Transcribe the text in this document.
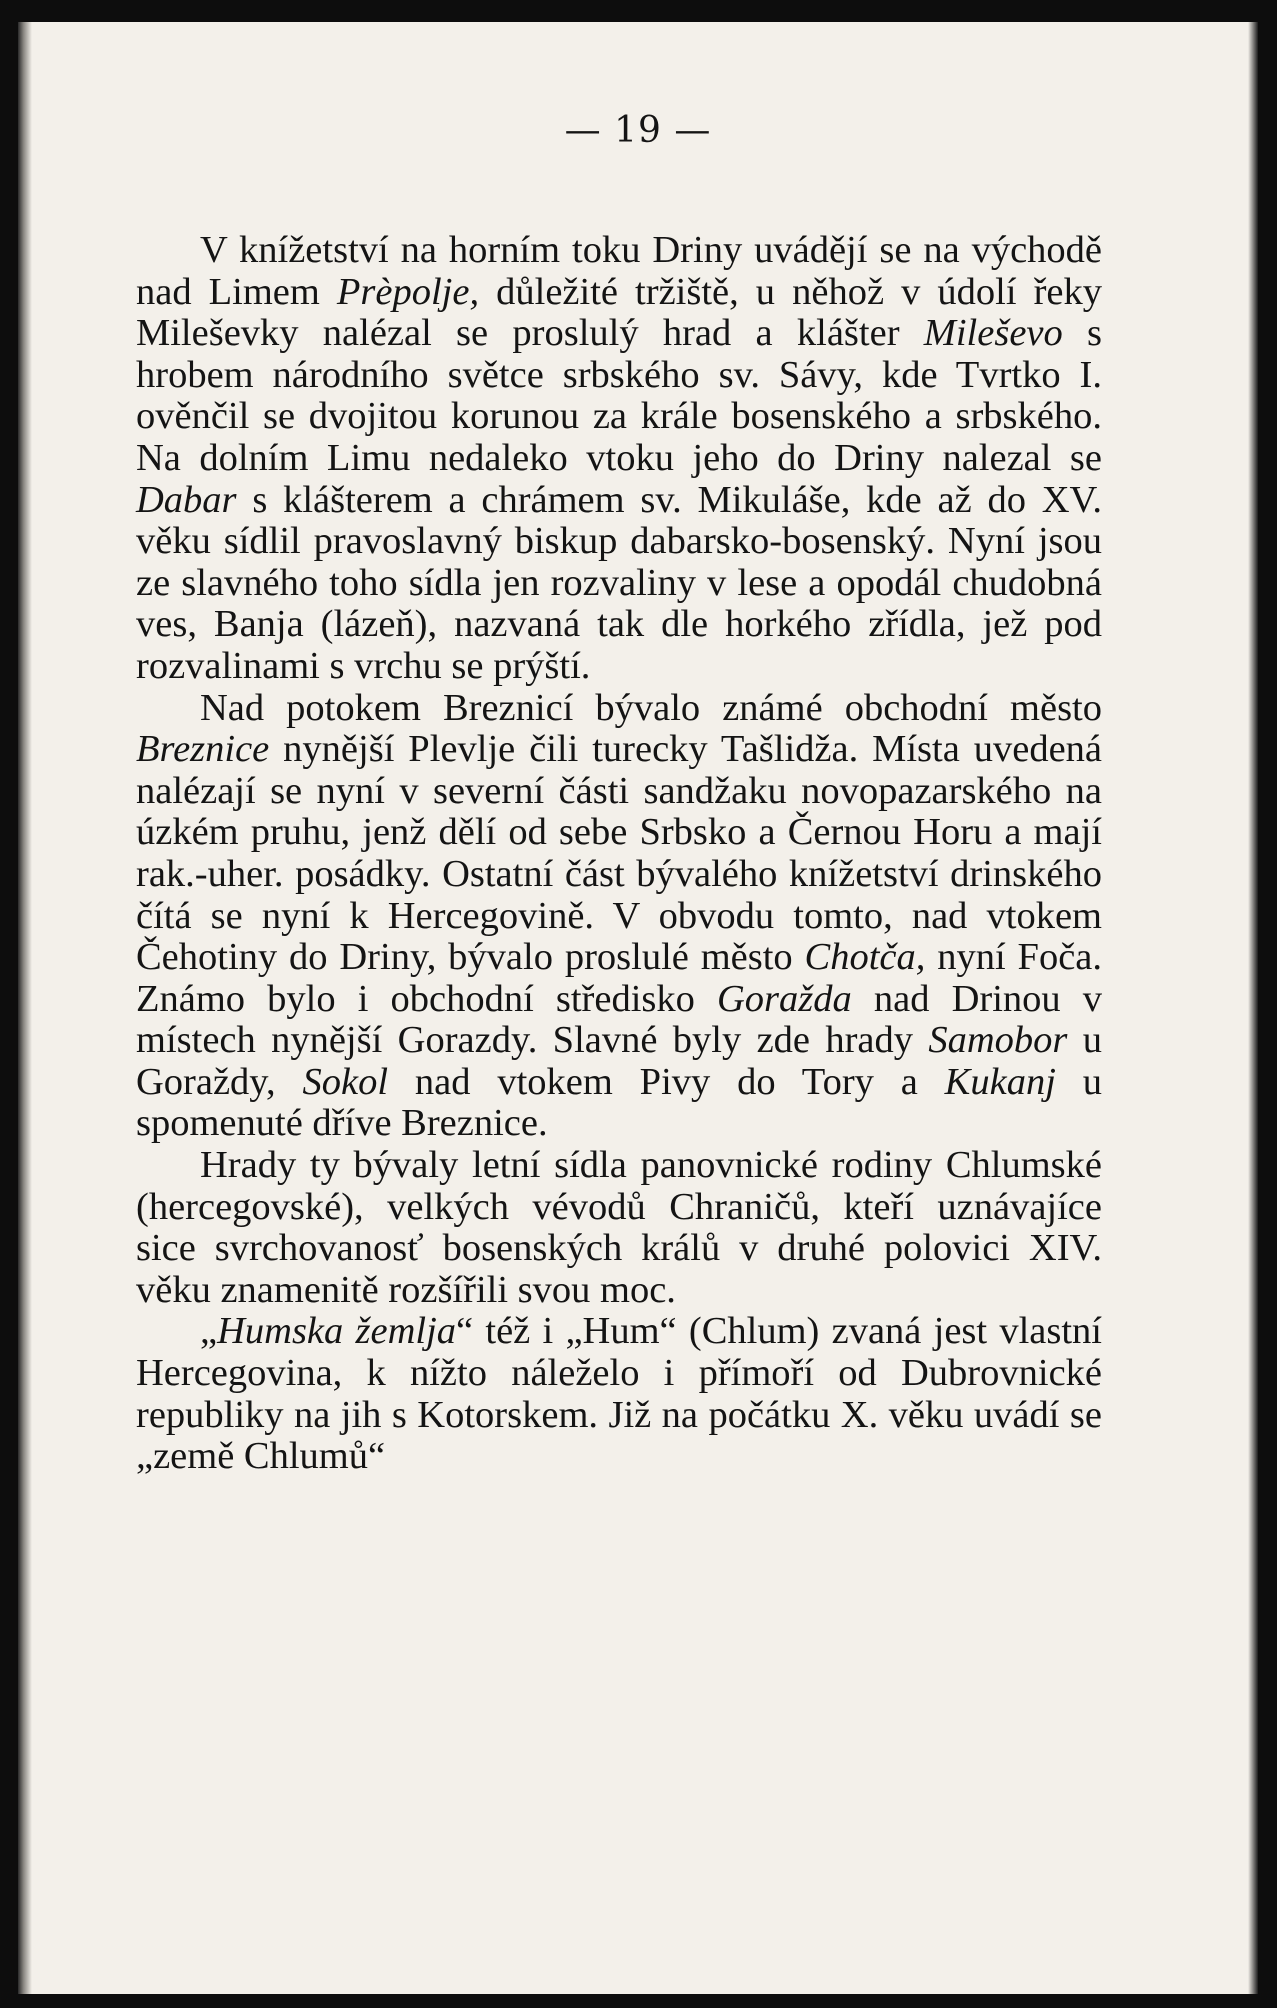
— 19 —

V knížetství na horním toku Driny uvádějí se na východě nad Limem Prèpolje, důležité tržiště, u něhož v údolí řeky Mileševky nalézal se proslulý hrad a klášter Mileševo s hrobem národního světce srbského sv. Sávy, kde Tvrtko I. ověnčil se dvojitou korunou za krále bosenského a srbského. Na dolním Limu nedaleko vtoku jeho do Driny nalezal se Dabar s klášterem a chrámem sv. Mikuláše, kde až do XV. věku sídlil pravoslavný biskup dabarsko-bosenský. Nyní jsou ze slavného toho sídla jen rozvaliny v lese a opodál chudobná ves, Banja (lázeň), nazvaná tak dle horkého zřídla, jež pod rozvalinami s vrchu se prýští.

Nad potokem Breznicí bývalo známé obchodní město Breznice nynější Plevlje čili turecky Tašlidža. Místa uvedená nalézají se nyní v severní části sandžaku novopazarského na úzkém pruhu, jenž dělí od sebe Srbsko a Černou Horu a mají rak.-uher. posádky. Ostatní část bývalého knížetství drinského čítá se nyní k Hercegovině. V obvodu tomto, nad vtokem Čehotiny do Driny, bývalo proslulé město Chotča, nyní Foča. Známo bylo i obchodní středisko Goražda nad Drinou v místech nynější Gorazdy. Slavné byly zde hrady Samobor u Goraždy, Sokol nad vtokem Pivy do Tory a Kukanj u spomenuté dříve Breznice.

Hrady ty bývaly letní sídla panovnické rodiny Chlumské (hercegovské), velkých vévodů Chraničů, kteří uznávajíce sice svrchovanosť bosenských králů v druhé polovici XIV. věku znamenitě rozšířili svou moc.

„Humska žemlja“ též i „Hum“ (Chlum) zvaná jest vlastní Hercegovina, k nížto náleželo i přímoří od Dubrovnické republiky na jih s Kotorskem. Již na počátku X. věku uvádí se „země Chlumů“
